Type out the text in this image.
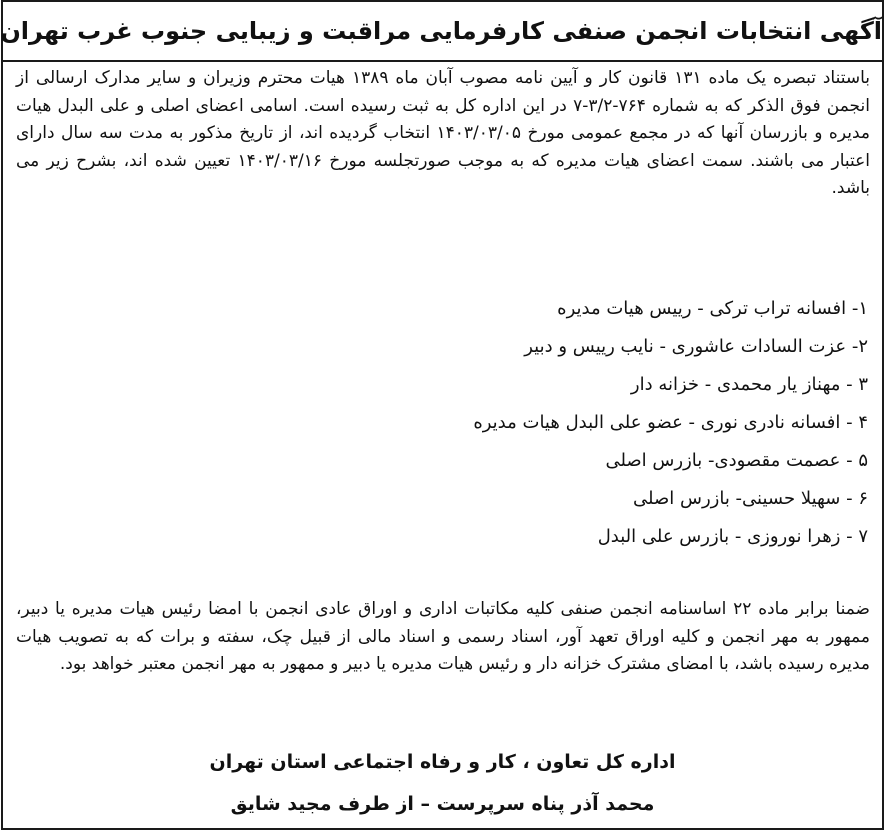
آگهی انتخابات انجمن صنفی کارفرمایی مراقبت و زیبایی جنوب غرب تهران
باستناد تبصره یک ماده ۱۳۱ قانون کار و آیین نامه مصوب آبان ماه ۱۳۸۹ هیات محترم وزیران و سایر مدارک ارسالی از انجمن فوق الذکر که به شماره ۷۶۴-۳/۲-۷ در این اداره کل به ثبت رسیده است. اسامی اعضای اصلی و علی البدل هیات مدیره و بازرسان آنها که در مجمع عمومی مورخ ۱۴۰۳/۰۳/۰۵ انتخاب گردیده اند، از تاریخ مذکور به مدت سه سال دارای اعتبار می باشند. سمت اعضای هیات مدیره که به موجب صورتجلسه مورخ ۱۴۰۳/۰۳/۱۶ تعیین شده اند، بشرح زیر می باشد.
۱- افسانه تراب ترکی - رییس هیات مدیره
۲- عزت السادات عاشوری - نایب رییس و دبیر
۳ - مهناز یار محمدی - خزانه دار
۴ - افسانه نادری نوری - عضو علی البدل هیات مدیره
۵ - عصمت مقصودی- بازرس اصلی
۶ - سهیلا حسینی- بازرس اصلی
۷ - زهرا نوروزی - بازرس علی البدل
ضمنا برابر ماده ۲۲ اساسنامه انجمن صنفی کلیه مکاتبات اداری و اوراق عادی انجمن با امضا رئیس هیات مدیره یا دبیر، ممهور به مهر انجمن و کلیه اوراق تعهد آور، اسناد رسمی و اسناد مالی از قبیل چک، سفته و برات که به تصویب هیات مدیره رسیده باشد، با امضای مشترک خزانه دار و رئیس هیات مدیره یا دبیر و ممهور به مهر انجمن معتبر خواهد بود.
اداره کل تعاون ، کار و رفاه اجتماعی استان تهران
محمد آذر پناه سرپرست – از طرف مجید شایق
